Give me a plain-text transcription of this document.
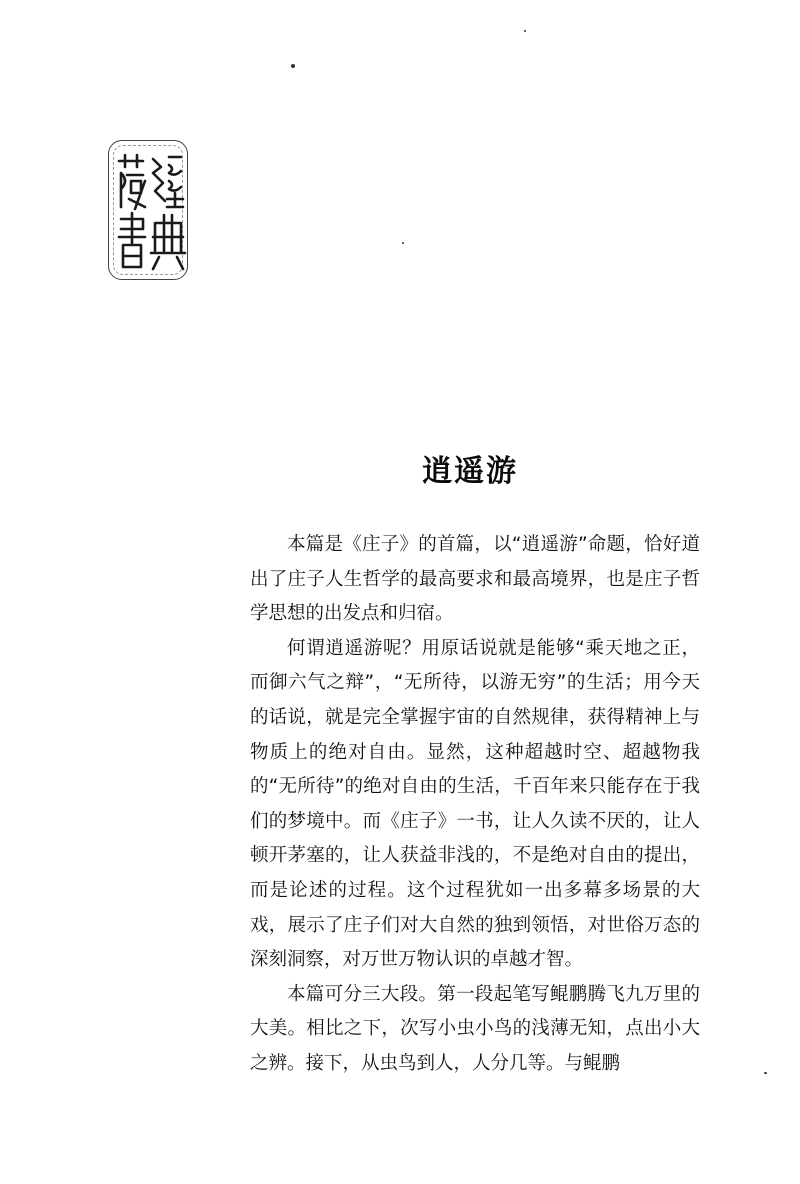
逍遥游

本篇是《庄子》的首篇，以“逍遥游”命题，恰好道出了庄子人生哲学的最高要求和最高境界，也是庄子哲学思想的出发点和归宿。

何谓逍遥游呢？用原话说就是能够“乘天地之正，而御六气之辩”，“无所待，以游无穷”的生活；用今天的话说，就是完全掌握宇宙的自然规律，获得精神上与物质上的绝对自由。显然，这种超越时空、超越物我的“无所待”的绝对自由的生活，千百年来只能存在于我们的梦境中。而《庄子》一书，让人久读不厌的，让人顿开茅塞的，让人获益非浅的，不是绝对自由的提出，而是论述的过程。这个过程犹如一出多幕多场景的大戏，展示了庄子们对大自然的独到领悟，对世俗万态的深刻洞察，对万世万物认识的卓越才智。

本篇可分三大段。第一段起笔写鲲鹏腾飞九万里的大美。相比之下，次写小虫小鸟的浅薄无知，点出小大之辨。接下，从虫鸟到人，人分几等。与鲲鹏
